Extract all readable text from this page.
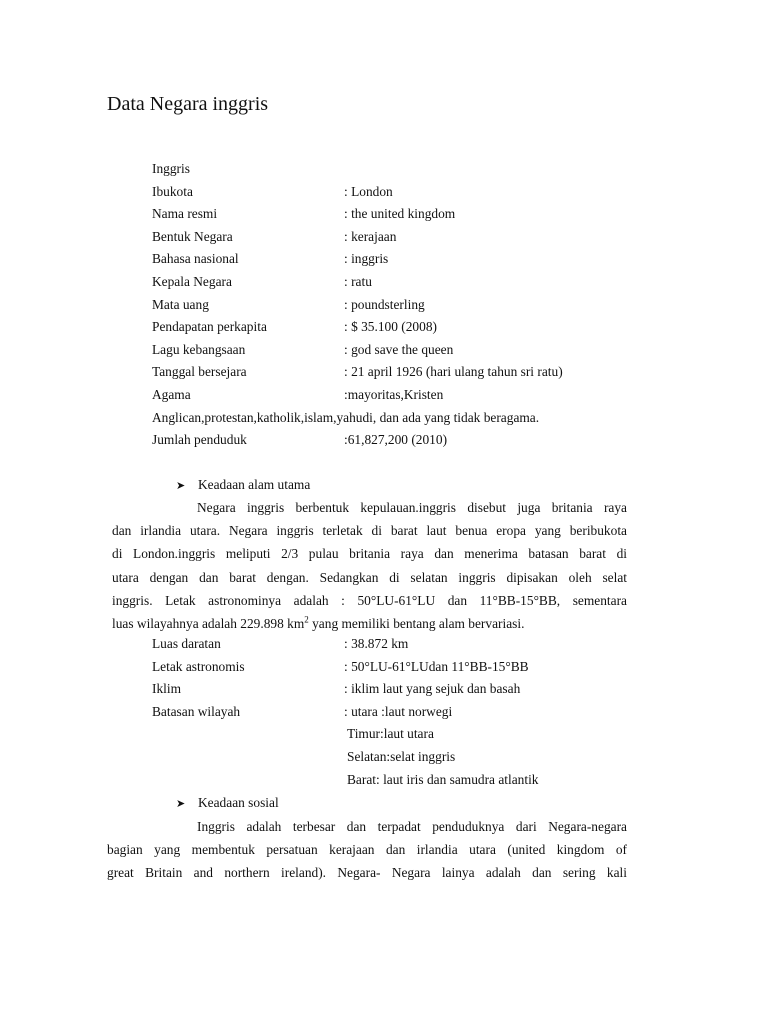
Data Negara inggris
Inggris
Ibukota	: London
Nama resmi	: the united kingdom
Bentuk Negara	: kerajaan
Bahasa nasional	: inggris
Kepala Negara	: ratu
Mata uang	: poundsterling
Pendapatan perkapita	: $ 35.100 (2008)
Lagu kebangsaan	: god save the queen
Tanggal bersejara	: 21 april 1926 (hari ulang tahun sri ratu)
Agama	:mayoritas,Kristen
Anglican,protestan,katholik,islam,yahudi, dan ada yang tidak beragama.
Jumlah penduduk	:61,827,200 (2010)
➤ Keadaan alam utama
Negara inggris berbentuk kepulauan.inggris disebut juga britania raya
dan irlandia utara. Negara inggris terletak di barat laut benua eropa yang beribukota
di London.inggris meliputi 2/3 pulau britania raya dan menerima batasan barat di
utara dengan dan barat dengan. Sedangkan di selatan inggris dipisakan oleh selat
inggris. Letak astronominya adalah : 50°LU-61°LU dan 11°BB-15°BB, sementara
luas wilayahnya adalah 229.898 $km^2$ yang memiliki bentang alam bervariasi.
Luas daratan	: 38.872 km
Letak astronomis	: 50°LU-61°LUdan 11°BB-15°BB
Iklim	: iklim laut yang sejuk dan basah
Batasan wilayah	: utara :laut norwegi
Timur:laut utara
Selatan:selat inggris
Barat: laut iris dan samudra atlantik
➤ Keadaan sosial
Inggris adalah terbesar dan terpadat penduduknya dari Negara-negara
bagian yang membentuk persatuan kerajaan dan irlandia utara (united kingdom of
great Britain and northern ireland). Negara- Negara lainya adalah dan sering kali
